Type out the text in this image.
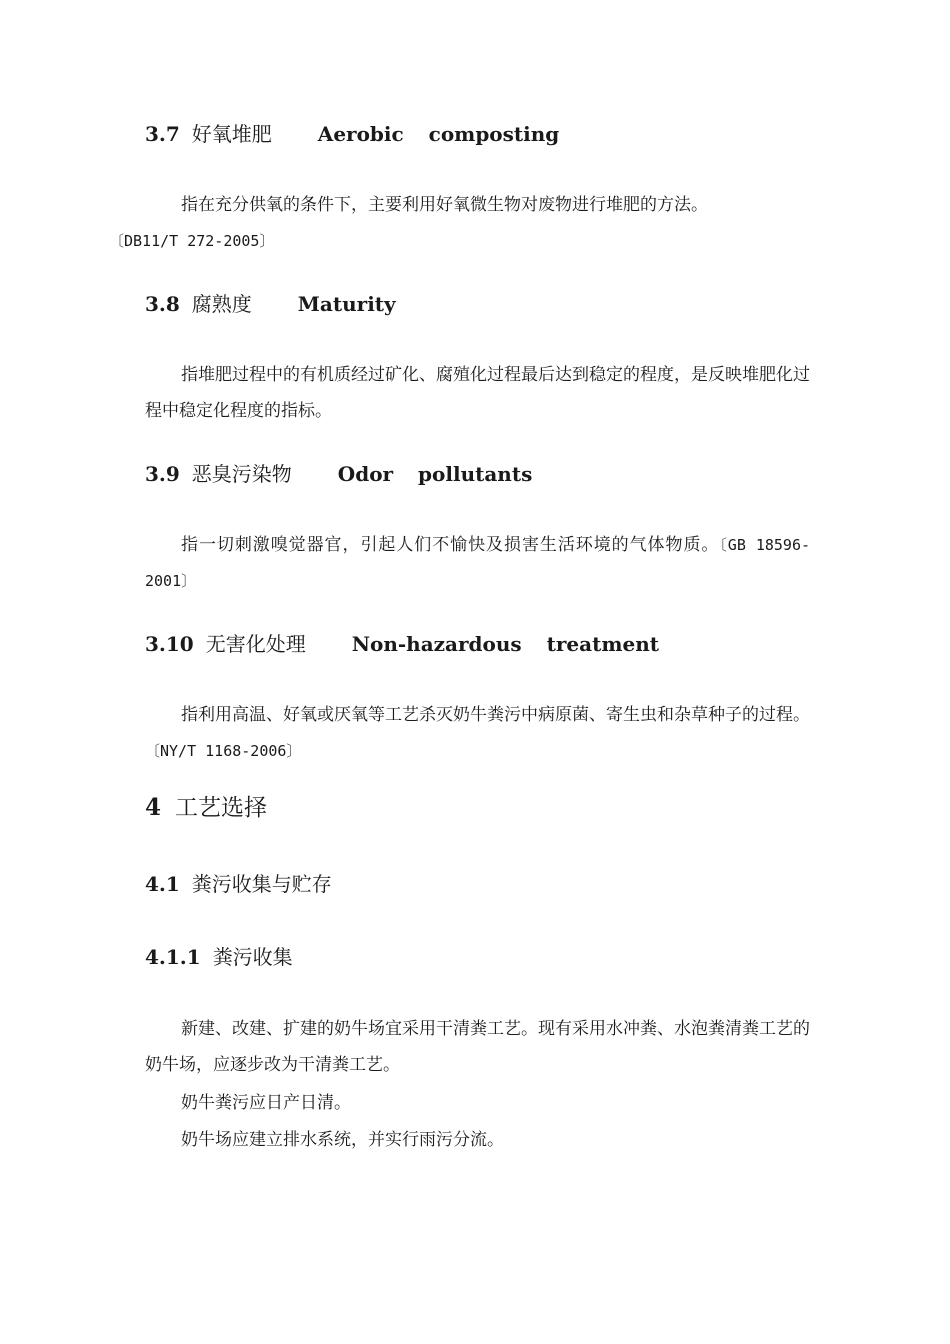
3.7 好氧堆肥 Aerobic composting

指在充分供氧的条件下，主要利用好氧微生物对废物进行堆肥的方法。
〔DB11/T 272-2005〕

3.8 腐熟度 Maturity

指堆肥过程中的有机质经过矿化、腐殖化过程最后达到稳定的程度，是反映堆肥化过程中稳定化程度的指标。

3.9 恶臭污染物 Odor pollutants

指一切刺激嗅觉器官，引起人们不愉快及损害生活环境的气体物质。〔GB 18596-2001〕

3.10 无害化处理 Non-hazardous treatment

指利用高温、好氧或厌氧等工艺杀灭奶牛粪污中病原菌、寄生虫和杂草种子的过程。〔NY/T 1168-2006〕

4 工艺选择
4.1 粪污收集与贮存
4.1.1 粪污收集

新建、改建、扩建的奶牛场宜采用干清粪工艺。现有采用水冲粪、水泡粪清粪工艺的奶牛场，应逐步改为干清粪工艺。

奶牛粪污应日产日清。

奶牛场应建立排水系统，并实行雨污分流。
